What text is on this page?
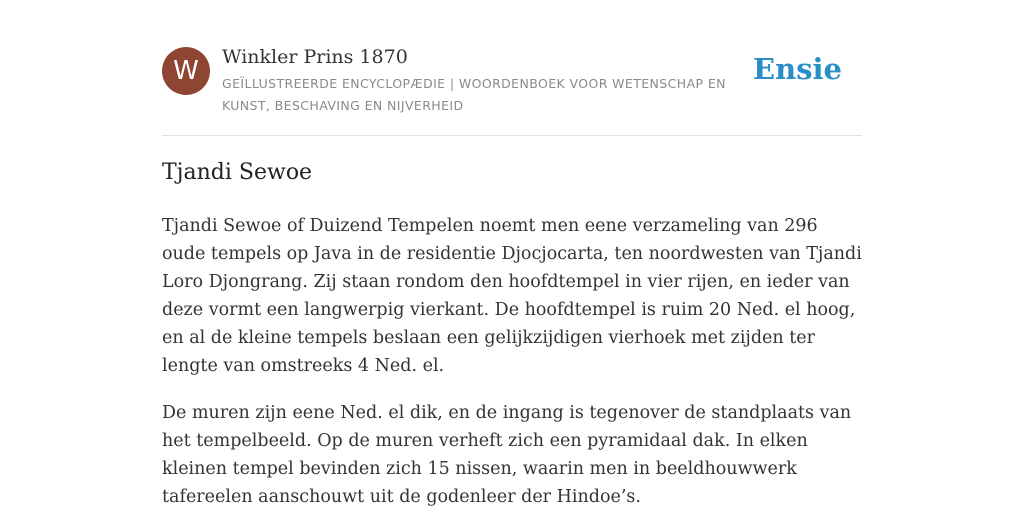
W	Winkler Prins 1870
GEÏLLUSTREERDE ENCYCLOPÆDIE | WOORDENBOEK VOOR WETENSCHAP EN KUNST, BESCHAVING EN NIJVERHEID
Ensie
Tjandi Sewoe

Tjandi Sewoe of Duizend Tempelen noemt men eene verzameling van 296 oude tempels op Java in de residentie Djocjocarta, ten noordwesten van Tjandi Loro Djongrang. Zij staan rondom den hoofdtempel in vier rijen, en ieder van deze vormt een langwerpig vierkant. De hoofdtempel is ruim 20 Ned. el hoog, en al de kleine tempels beslaan een gelijkzijdigen vierhoek met zijden ter lengte van omstreeks 4 Ned. el.

De muren zijn eene Ned. el dik, en de ingang is tegenover de standplaats van het tempelbeeld. Op de muren verheft zich een pyramidaal dak. In elken kleinen tempel bevinden zich 15 nissen, waarin men in beeldhouwwerk tafereelen aanschouwt uit de godenleer der Hindoe’s.
